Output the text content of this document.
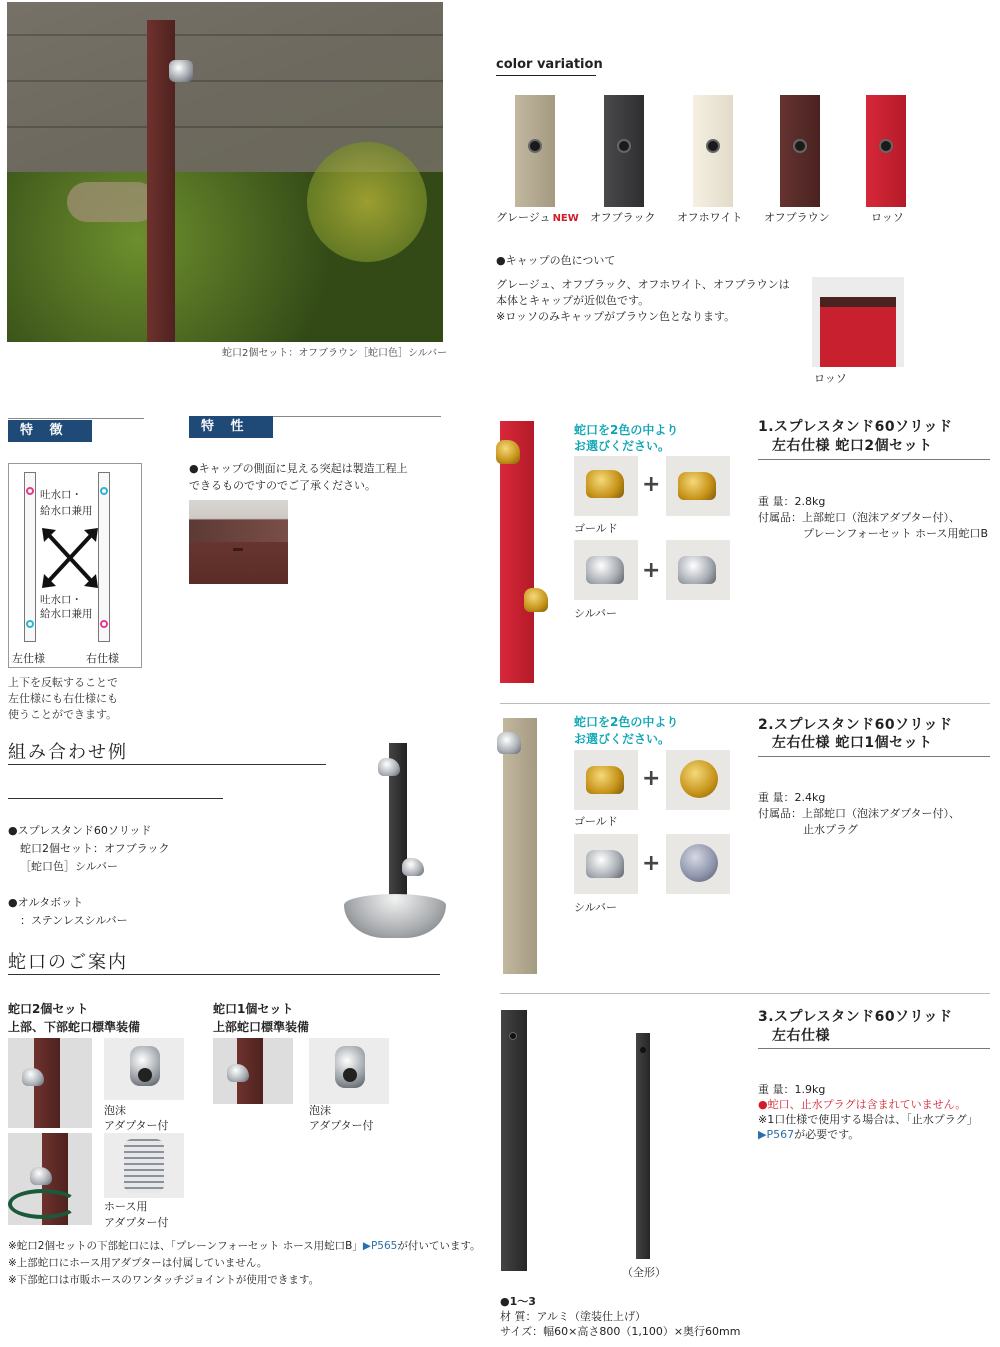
蛇口2個セット：オフブラウン［蛇口色］シルバー
color variation
グレージュ NEW オフブラック オフホワイト オフブラウン	ロッソ
●キャップの色について
グレージュ、オフブラック、オフホワイト、オフブラウンは
本体とキャップが近似色です。
※ロッソのみキャップがブラウン色となります。
ロッソ
特 徴
吐水口・
給水口兼用
吐水口・
給水口兼用
左仕様	右仕様
上下を反転することで
左仕様にも右仕様にも
使うことができます。
特 性
●キャップの側面に見える突起は製造工程上
できるものですのでご了承ください。
組み合わせ例
●スプレスタンド60ソリッド
蛇口2個セット：オフブラック
［蛇口色］シルバー
●オルタボット
：ステンレスシルバー
蛇口のご案内
蛇口2個セット
上部、下部蛇口標準装備
蛇口1個セット
上部蛇口標準装備
泡沫
アダプター付
ホース用
アダプター付
泡沫
アダプター付
※蛇口2個セットの下部蛇口には、「プレーンフォーセット ホース用蛇口B」▶P565が付いています。
※上部蛇口にホース用アダプターは付属していません。
※下部蛇口は市販ホースのワンタッチジョイントが使用できます。
蛇口を2色の中より
お選びください。
+
ゴールド
+
シルバー
1.スプレスタンド60ソリッド
左右仕様 蛇口2個セット
重 量：2.8kg
付属品：上部蛇口（泡沫アダプター付）、
プレーンフォーセット ホース用蛇口B
蛇口を2色の中より
お選びください。
+
ゴールド
+
シルバー
2.スプレスタンド60ソリッド
左右仕様 蛇口1個セット
重 量：2.4kg
付属品：上部蛇口（泡沫アダプター付）、
止水プラグ
（全形）
3.スプレスタンド60ソリッド
左右仕様
重 量：1.9kg
●蛇口、止水プラグは含まれていません。
※1口仕様で使用する場合は、「止水プラグ」
▶P567が必要です。
●1～3
材 質：アルミ（塗装仕上げ）
サイズ：幅60×高さ800（1,100）×奥行60mm
